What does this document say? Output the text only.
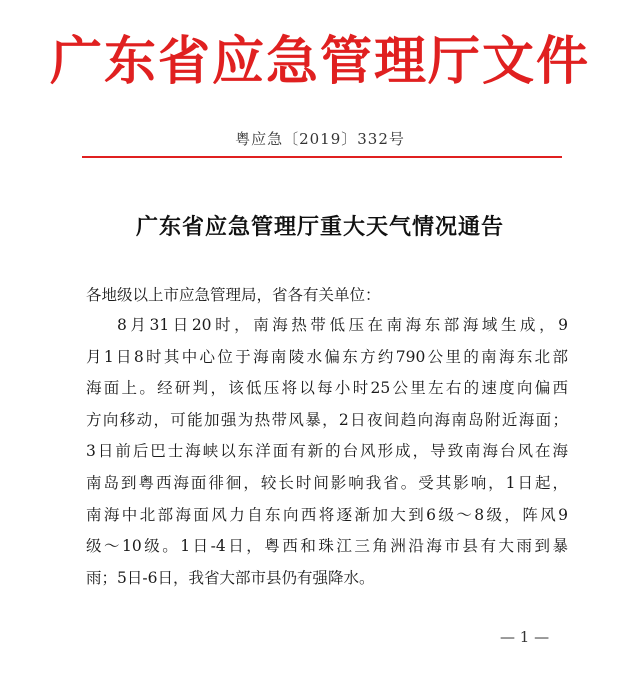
广东省应急管理厅文件
粤应急〔2019〕332号
广东省应急管理厅重大天气情况通告
各地级以上市应急管理局，省各有关单位：
8月31日20时，南海热带低压在南海东部海域生成，9
月1日8时其中心位于海南陵水偏东方约790公里的南海东北部
海面上。经研判，该低压将以每小时25公里左右的速度向偏西
方向移动，可能加强为热带风暴，2日夜间趋向海南岛附近海面；
3日前后巴士海峡以东洋面有新的台风形成，导致南海台风在海
南岛到粤西海面徘徊，较长时间影响我省。受其影响，1日起，
南海中北部海面风力自东向西将逐渐加大到6级～8级，阵风9
级～10级。1日-4日，粤西和珠江三角洲沿海市县有大雨到暴
雨；5日-6日，我省大部市县仍有强降水。
— 1 —
